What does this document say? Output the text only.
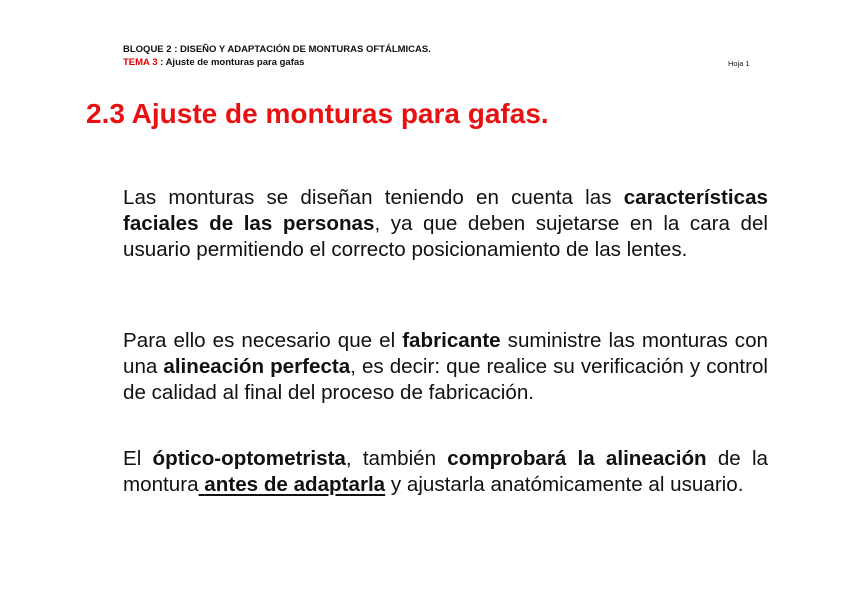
BLOQUE 2 : DISEÑO Y ADAPTACIÓN DE MONTURAS OFTÁLMICAS.
TEMA 3 : Ajuste de monturas para gafas	Hoja 1
2.3 Ajuste de monturas para gafas.

Las monturas se diseñan teniendo en cuenta las características faciales de las personas, ya que deben sujetarse en la cara del usuario permitiendo el correcto posicionamiento de las lentes.

Para ello es necesario que el fabricante suministre las monturas con una alineación perfecta, es decir: que realice su verificación y control de calidad al final del proceso de fabricación.

El óptico-optometrista, también comprobará la alineación de la montura antes de adaptarla y ajustarla anatómicamente al usuario.
